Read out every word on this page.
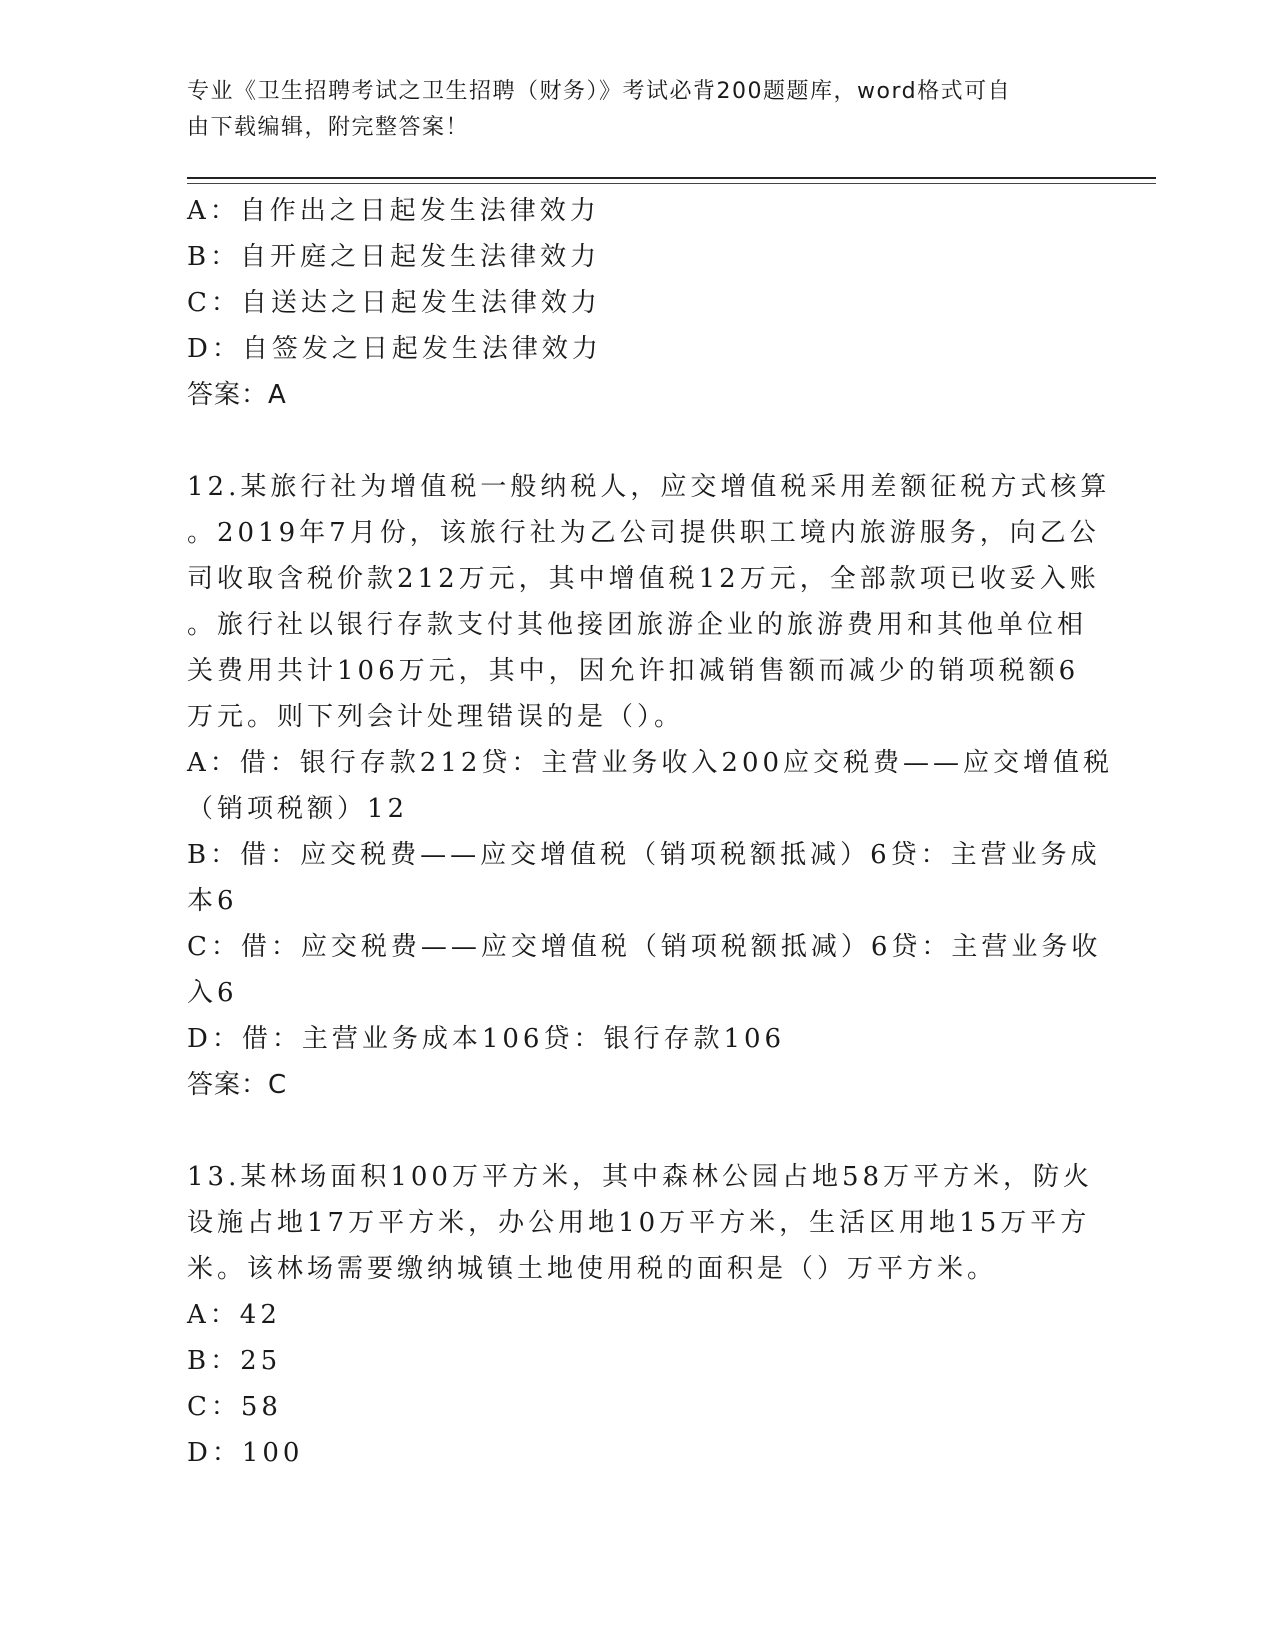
专业《卫生招聘考试之卫生招聘（财务）》考试必背200题题库，word格式可自
由下载编辑，附完整答案！
A：自作出之日起发生法律效力
B：自开庭之日起发生法律效力
C：自送达之日起发生法律效力
D：自签发之日起发生法律效力
答案：A
12.某旅行社为增值税一般纳税人，应交增值税采用差额征税方式核算
。2019年7月份，该旅行社为乙公司提供职工境内旅游服务，向乙公
司收取含税价款212万元，其中增值税12万元，全部款项已收妥入账
。旅行社以银行存款支付其他接团旅游企业的旅游费用和其他单位相
关费用共计106万元，其中，因允许扣减销售额而减少的销项税额6
万元。则下列会计处理错误的是（）。
A：借：银行存款212贷：主营业务收入200应交税费——应交增值税
（销项税额）12
B：借：应交税费——应交增值税（销项税额抵减）6贷：主营业务成
本6
C：借：应交税费——应交增值税（销项税额抵减）6贷：主营业务收
入6
D：借：主营业务成本106贷：银行存款106
答案：C
13.某林场面积100万平方米，其中森林公园占地58万平方米，防火
设施占地17万平方米，办公用地10万平方米，生活区用地15万平方
米。该林场需要缴纳城镇土地使用税的面积是（）万平方米。
A：42
B：25
C：58
D：100
